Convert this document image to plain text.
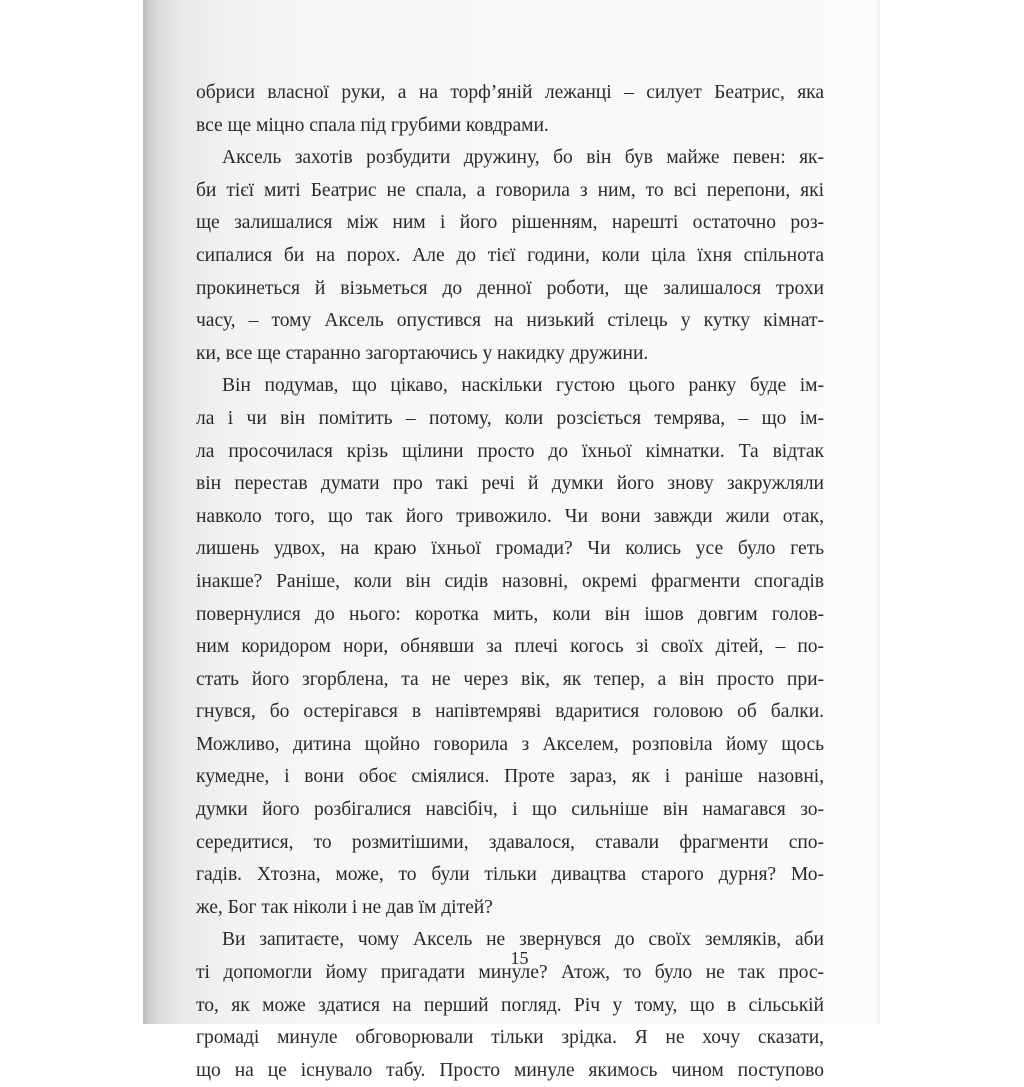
обриси власної руки, а на торф’яній лежанці – силует Беатрис, яка
все ще міцно спала під грубими ковдрами.

Аксель захотів розбудити дружину, бо він був майже певен: як-
би тієї миті Беатрис не спала, а говорила з ним, то всі перепони, які
ще залишалися між ним і його рішенням, нарешті остаточно роз-
сипалися би на порох. Але до тієї години, коли ціла їхня спільнота
прокинеться й візьметься до денної роботи, ще залишалося трохи
часу, – тому Аксель опустився на низький стілець у кутку кімнат-
ки, все ще старанно загортаючись у накидку дружини.

Він подумав, що цікаво, наскільки густою цього ранку буде ім-
ла і чи він помітить – потому, коли розсіється темрява, – що ім-
ла просочилася крізь щілини просто до їхньої кімнатки. Та відтак
він перестав думати про такі речі й думки його знову закружляли
навколо того, що так його тривожило. Чи вони завжди жили отак,
лишень удвох, на краю їхньої громади? Чи колись усе було геть
інакше? Раніше, коли він сидів назовні, окремі фрагменти спогадів
повернулися до нього: коротка мить, коли він ішов довгим голов-
ним коридором нори, обнявши за плечі когось зі своїх дітей, – по-
стать його згорблена, та не через вік, як тепер, а він просто при-
гнувся, бо остерігався в напівтемряві вдаритися головою об балки.
Можливо, дитина щойно говорила з Акселем, розповіла йому щось
кумедне, і вони обоє сміялися. Проте зараз, як і раніше назовні,
думки його розбігалися навсібіч, і що сильніше він намагався зо-
середитися, то розмитішими, здавалося, ставали фрагменти спо-
гадів. Хтозна, може, то були тільки дивацтва старого дурня? Мо-
же, Бог так ніколи і не дав їм дітей?

Ви запитаєте, чому Аксель не звернувся до своїх земляків, аби
ті допомогли йому пригадати минуле? Атож, то було не так прос-
то, як може здатися на перший погляд. Річ у тому, що в сільській
громаді минуле обговорювали тільки зрідка. Я не хочу сказати,
що на це існувало табу. Просто минуле якимось чином поступово

15
